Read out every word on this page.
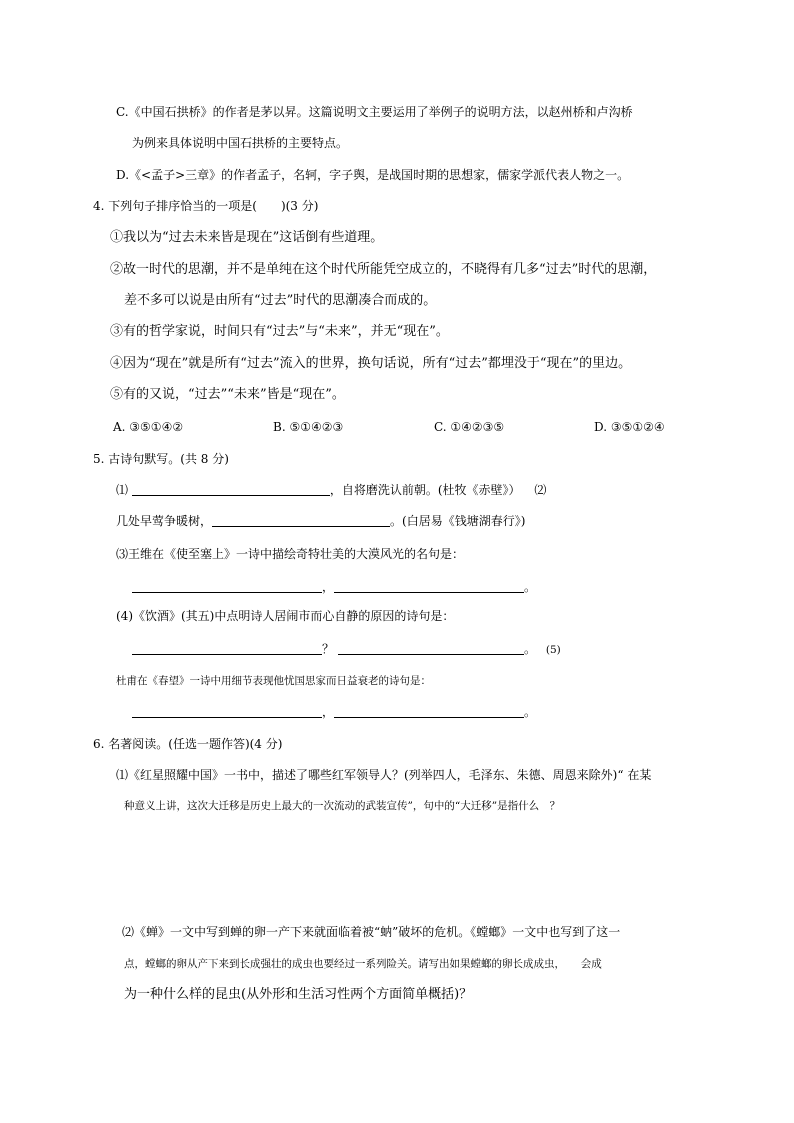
C.《中国石拱桥》的作者是茅以昇。这篇说明文主要运用了举例子的说明方法，以赵州桥和卢沟桥
为例来具体说明中国石拱桥的主要特点。
D.《<孟子>三章》的作者孟子，名轲，字子舆，是战国时期的思想家，儒家学派代表人物之一。
4. 下列句子排序恰当的一项是(　　)(3 分)
①我以为“过去未来皆是现在”这话倒有些道理。
②故一时代的思潮，并不是单纯在这个时代所能凭空成立的，不晓得有几多“过去”时代的思潮，
差不多可以说是由所有“过去”时代的思潮凑合而成的。
③有的哲学家说，时间只有“过去”与“未来”，并无“现在”。
④因为“现在”就是所有“过去”流入的世界，换句话说，所有“过去”都埋没于“现在”的里边。
⑤有的又说，“过去”“未来”皆是“现在”。
A. ③⑤①④②	B. ⑤①④②③	C. ①④②③⑤	D. ③⑤①②④
5. 古诗句默写。(共 8 分)
⑴	，自将磨洗认前朝。(杜牧《赤壁》） ⑵
几处早莺争暖树，	。(白居易《钱塘湖春行》)
⑶王维在《使至塞上》一诗中描绘奇特壮美的大漠风光的名句是：
，	。
(4)《饮酒》(其五)中点明诗人居闹市而心自静的原因的诗句是：
？	。 (5)
杜甫在《春望》一诗中用细节表现他忧国思家而日益衰老的诗句是：
，	。
6. 名著阅读。(任选一题作答)(4 分)
⑴《红星照耀中国》一书中，描述了哪些红军领导人？(列举四人，毛泽东、朱德、周恩来除外)“ 在某
种意义上讲，这次大迁移是历史上最大的一次流动的武装宣传”，句中的“大迁移”是指什么　？
⑵《蝉》一文中写到蝉的卵一产下来就面临着被“蚋”破坏的危机。《螳螂》一文中也写到了这一
点，螳螂的卵从产下来到长成强壮的成虫也要经过一系列险关。请写出如果螳螂的卵长成成虫，　　会成
为一种什么样的昆虫(从外形和生活习性两个方面简单概括)？
